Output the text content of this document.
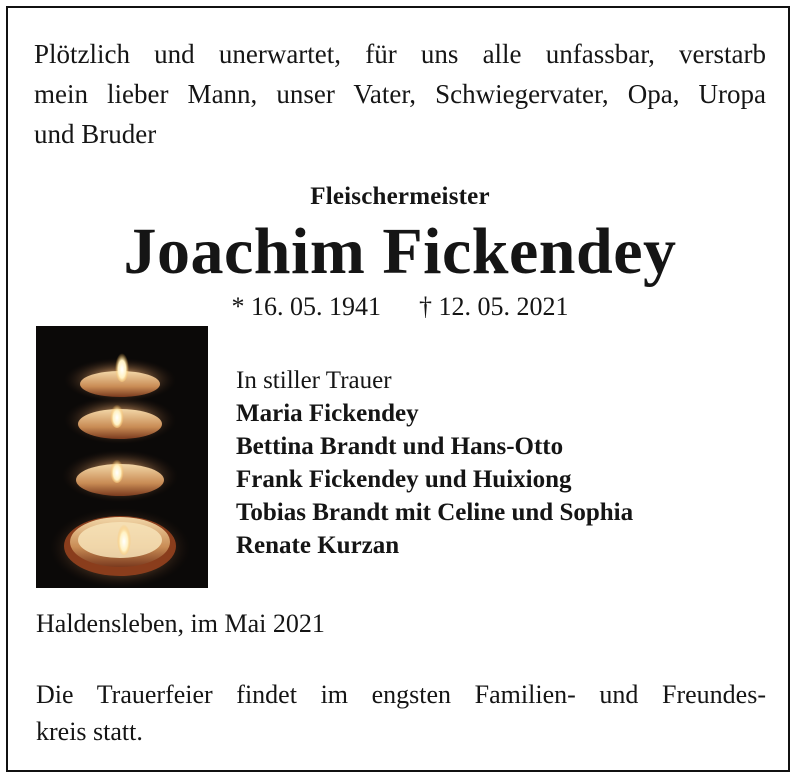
Plötzlich und unerwartet, für uns alle unfassbar, verstarb
mein lieber Mann, unser Vater, Schwiegervater, Opa, Uropa
und Bruder
Fleischermeister
Joachim Fickendey
* 16. 05. 1941 † 12. 05. 2021
In stiller Trauer
Maria Fickendey
Bettina Brandt und Hans-Otto
Frank Fickendey und Huixiong
Tobias Brandt mit Celine und Sophia
Renate Kurzan
Haldensleben, im Mai 2021
Die Trauerfeier findet im engsten Familien- und Freundes-
kreis statt.
